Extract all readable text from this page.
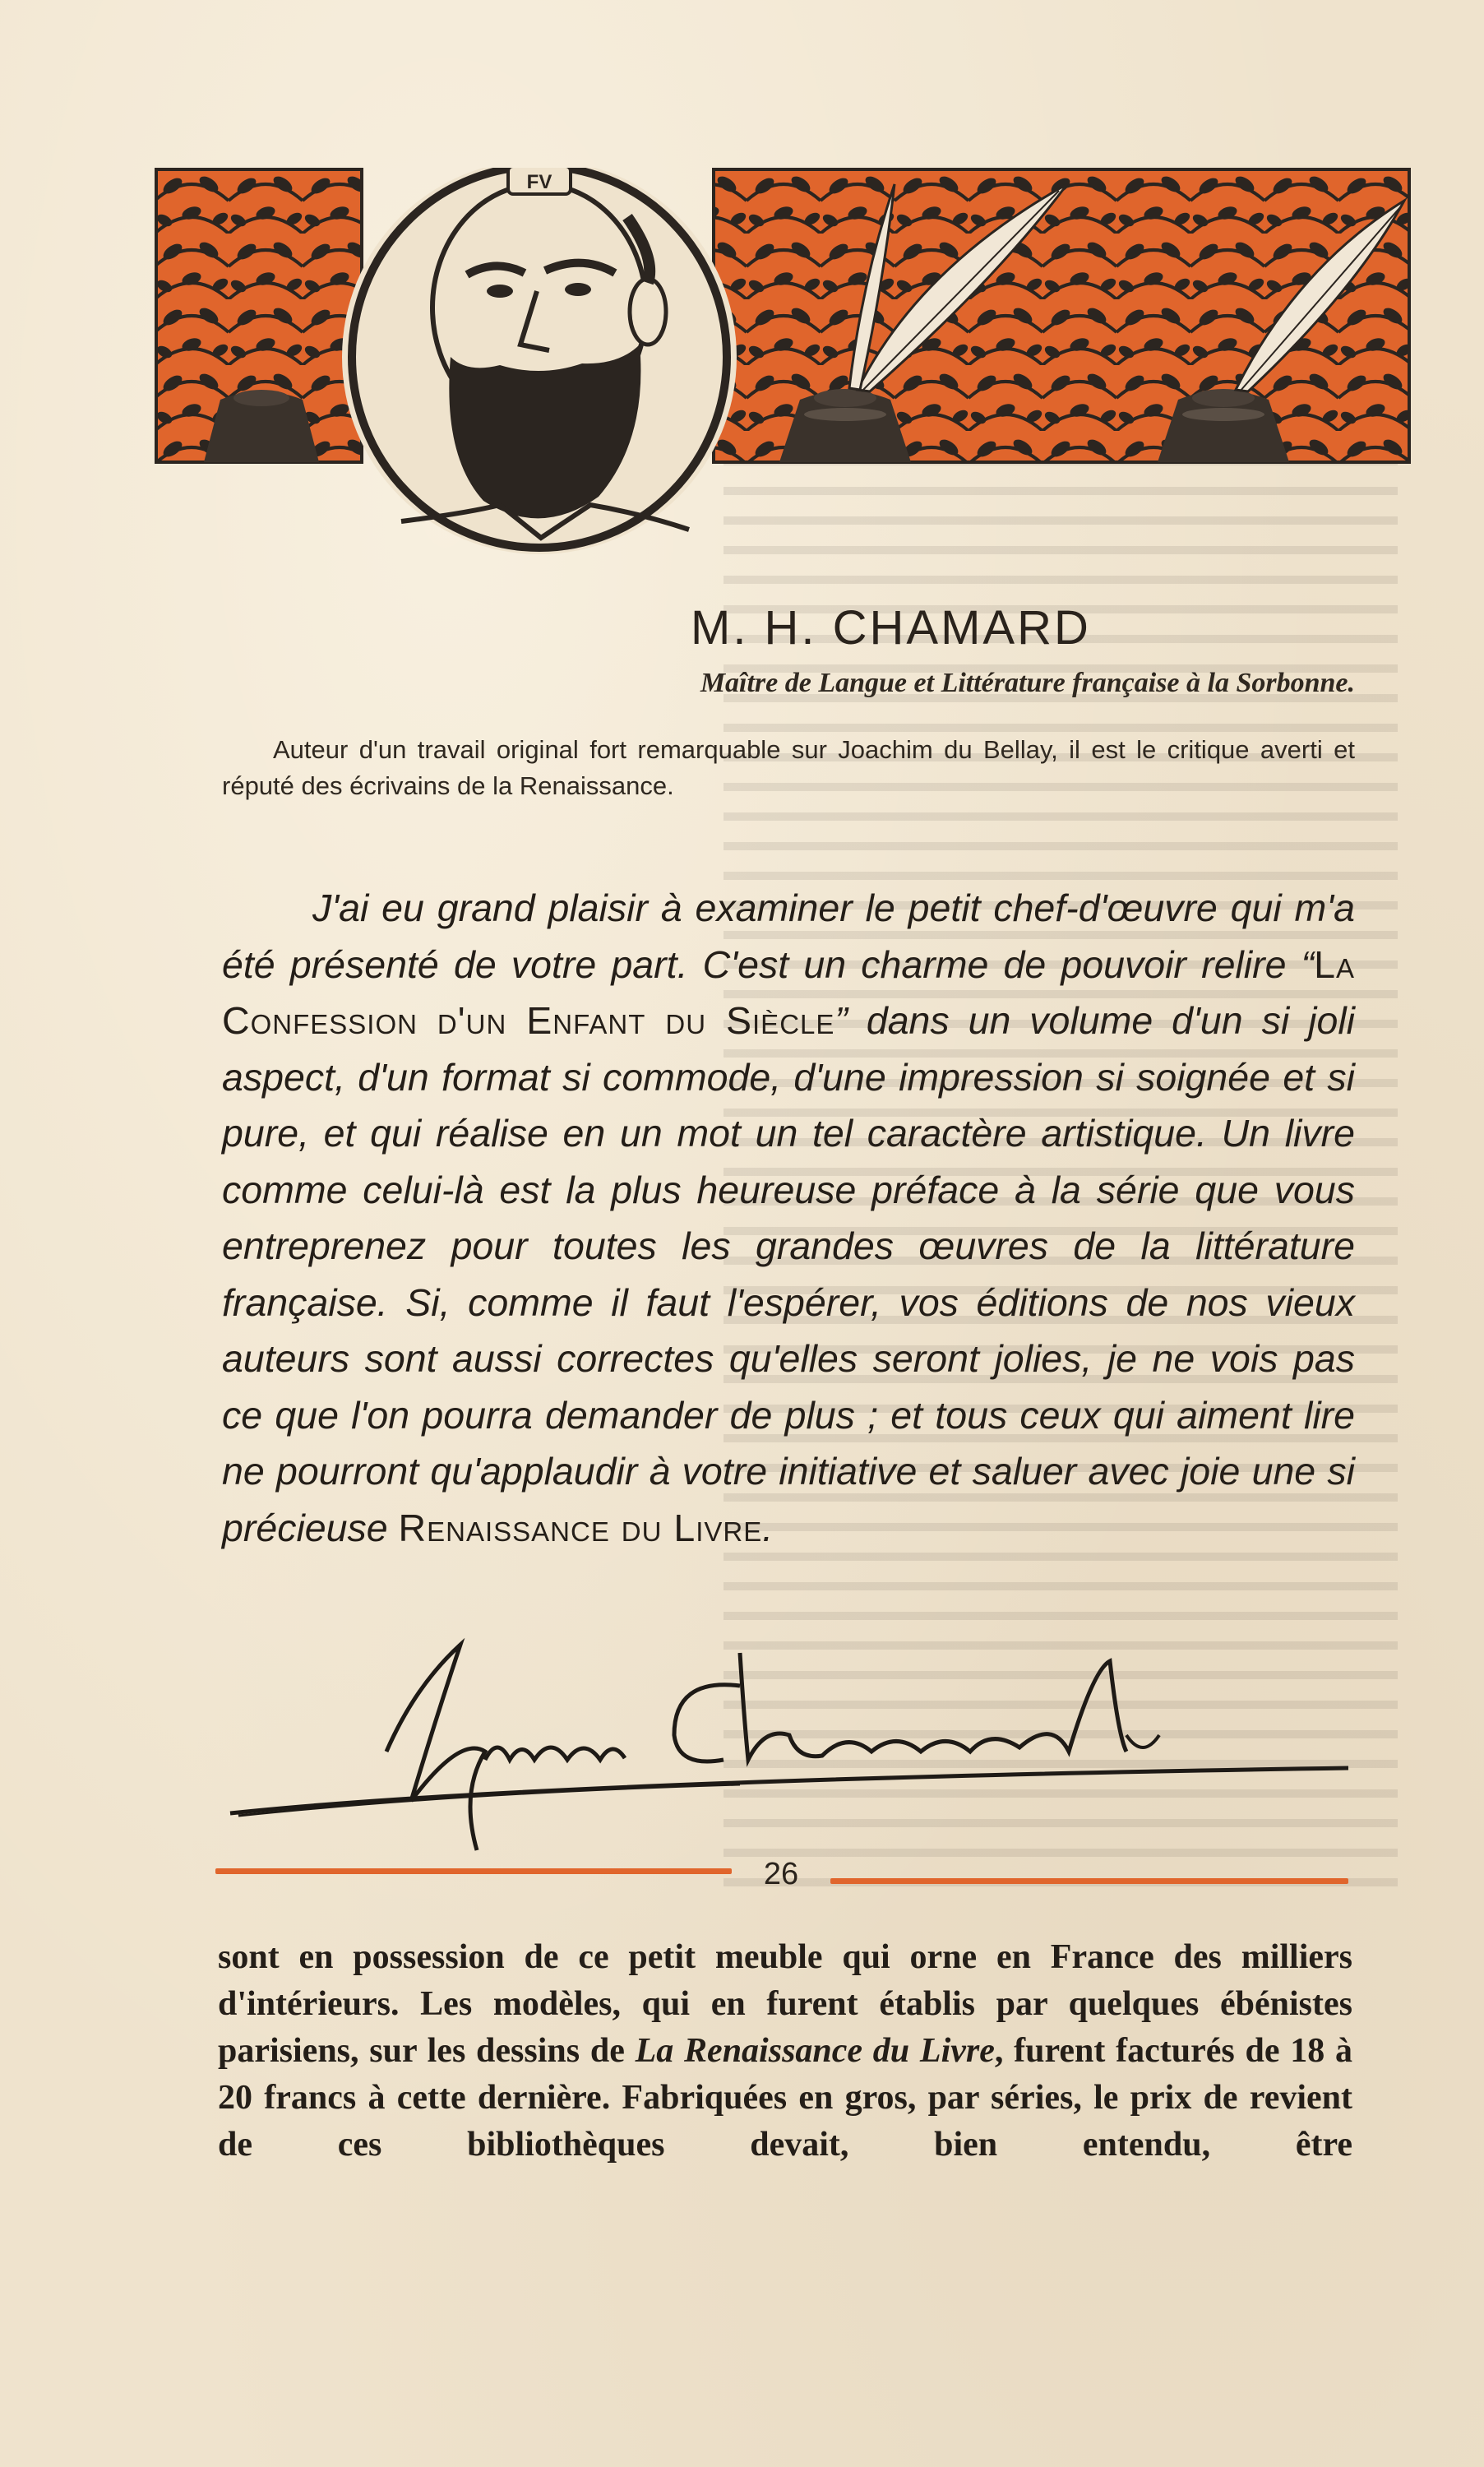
FV
M. H. CHAMARD
Maître de Langue et Littérature française à la Sorbonne.
Auteur d'un travail original fort remarquable sur Joachim du Bellay, il est le critique averti et réputé des écrivains de la Renaissance.

J'ai eu grand plaisir à examiner le petit chef-d'œuvre qui m'a été présenté de votre part. C'est un charme de pouvoir relire “La Confession d'un Enfant du Siècle” dans un volume d'un si joli aspect, d'un format si commode, d'une impression si soignée et si pure, et qui réalise en un mot un tel caractère artistique. Un livre comme celui-là est la plus heureuse préface à la série que vous entreprenez pour toutes les grandes œuvres de la littérature française. Si, comme il faut l'espérer, vos éditions de nos vieux auteurs sont aussi correctes qu'elles seront jolies, je ne vois pas ce que l'on pourra demander de plus ; et tous ceux qui aiment lire ne pourront qu'applaudir à votre initiative et saluer avec joie une si précieuse Renaissance du Livre.

26
sont en possession de ce petit meuble qui orne en France des milliers d'intérieurs. Les modèles, qui en furent établis par quelques ébénistes parisiens, sur les dessins de La Renaissance du Livre, furent facturés de 18 à 20 francs à cette dernière. Fabriquées en gros, par séries, le prix de revient de ces bibliothèques devait, bien entendu, être
